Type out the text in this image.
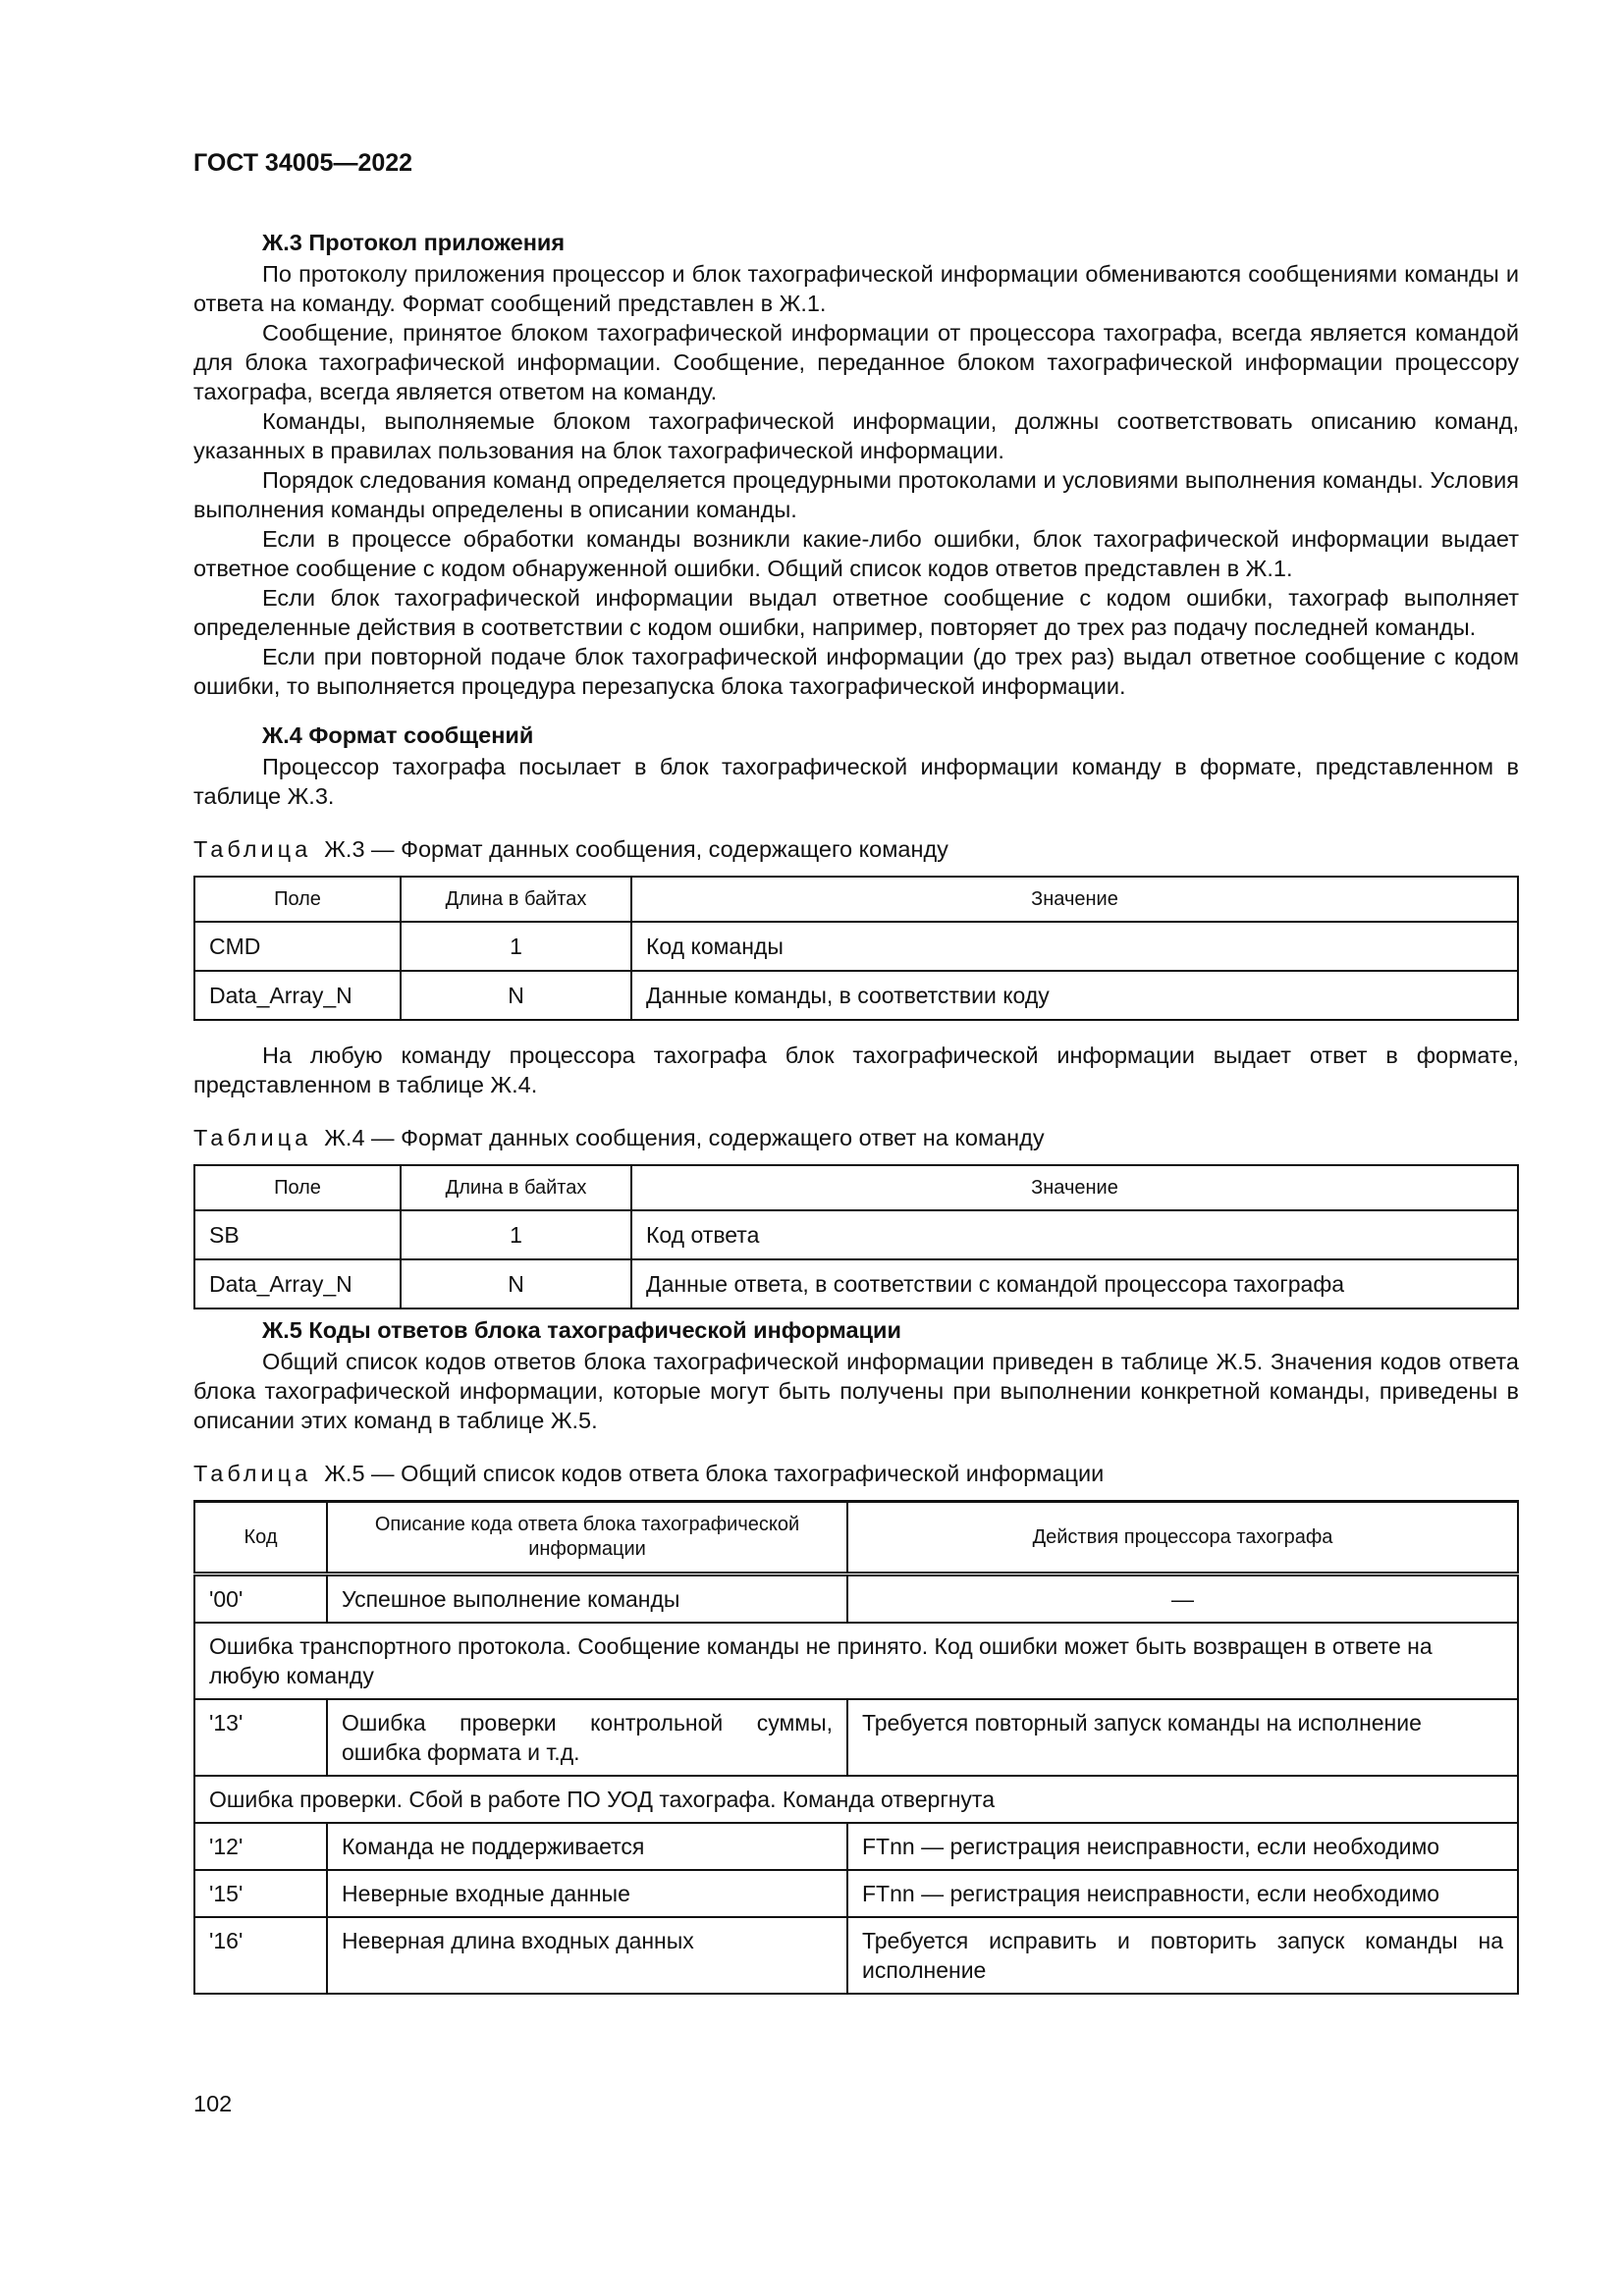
ГОСТ 34005—2022
Ж.3 Протокол приложения

По протоколу приложения процессор и блок тахографической информации обмениваются сообщениями команды и ответа на команду. Формат сообщений представлен в Ж.1.

Сообщение, принятое блоком тахографической информации от процессора тахографа, всегда является командой для блока тахографической информации. Сообщение, переданное блоком тахографической информации процессору тахографа, всегда является ответом на команду.

Команды, выполняемые блоком тахографической информации, должны соответствовать описанию команд, указанных в правилах пользования на блок тахографической информации.

Порядок следования команд определяется процедурными протоколами и условиями выполнения команды. Условия выполнения команды определены в описании команды.

Если в процессе обработки команды возникли какие-либо ошибки, блок тахографической информации выдает ответное сообщение с кодом обнаруженной ошибки. Общий список кодов ответов представлен в Ж.1.

Если блок тахографической информации выдал ответное сообщение с кодом ошибки, тахограф выполняет определенные действия в соответствии с кодом ошибки, например, повторяет до трех раз подачу последней команды.

Если при повторной подаче блок тахографической информации (до трех раз) выдал ответное сообщение с кодом ошибки, то выполняется процедура перезапуска блока тахографической информации.

Ж.4 Формат сообщений

Процессор тахографа посылает в блок тахографической информации команду в формате, представленном в таблице Ж.3.

Таблица Ж.3 — Формат данных сообщения, содержащего команду
Поле	Длина в байтах	Значение
CMD	1	Код команды
Data_Array_N	N	Данные команды, в соответствии коду

На любую команду процессора тахографа блок тахографической информации выдает ответ в формате, представленном в таблице Ж.4.

Таблица Ж.4 — Формат данных сообщения, содержащего ответ на команду
Поле	Длина в байтах	Значение
SB	1	Код ответа
Data_Array_N	N	Данные ответа, в соответствии с командой процессора тахографа
Ж.5 Коды ответов блока тахографической информации

Общий список кодов ответов блока тахографической информации приведен в таблице Ж.5. Значения кодов ответа блока тахографической информации, которые могут быть получены при выполнении конкретной команды, приведены в описании этих команд в таблице Ж.5.

Таблица Ж.5 — Общий список кодов ответа блока тахографической информации
Код	Описание кода ответа блока тахографической информации	Действия процессора тахографа
'00'	Успешное выполнение команды	—
Ошибка транспортного протокола. Сообщение команды не принято. Код ошибки может быть возвращен в ответе на любую команду		
'13'	Ошибка проверки контрольной суммы, ошибка формата и т.д.	Требуется повторный запуск команды на исполнение
Ошибка проверки. Сбой в работе ПО УОД тахографа. Команда отвергнута		
'12'	Команда не поддерживается	FTnn — регистрация неисправности, если необходимо
'15'	Неверные входные данные	FTnn — регистрация неисправности, если необходимо
'16'	Неверная длина входных данных	Требуется исправить и повторить запуск команды на исполнение
102
